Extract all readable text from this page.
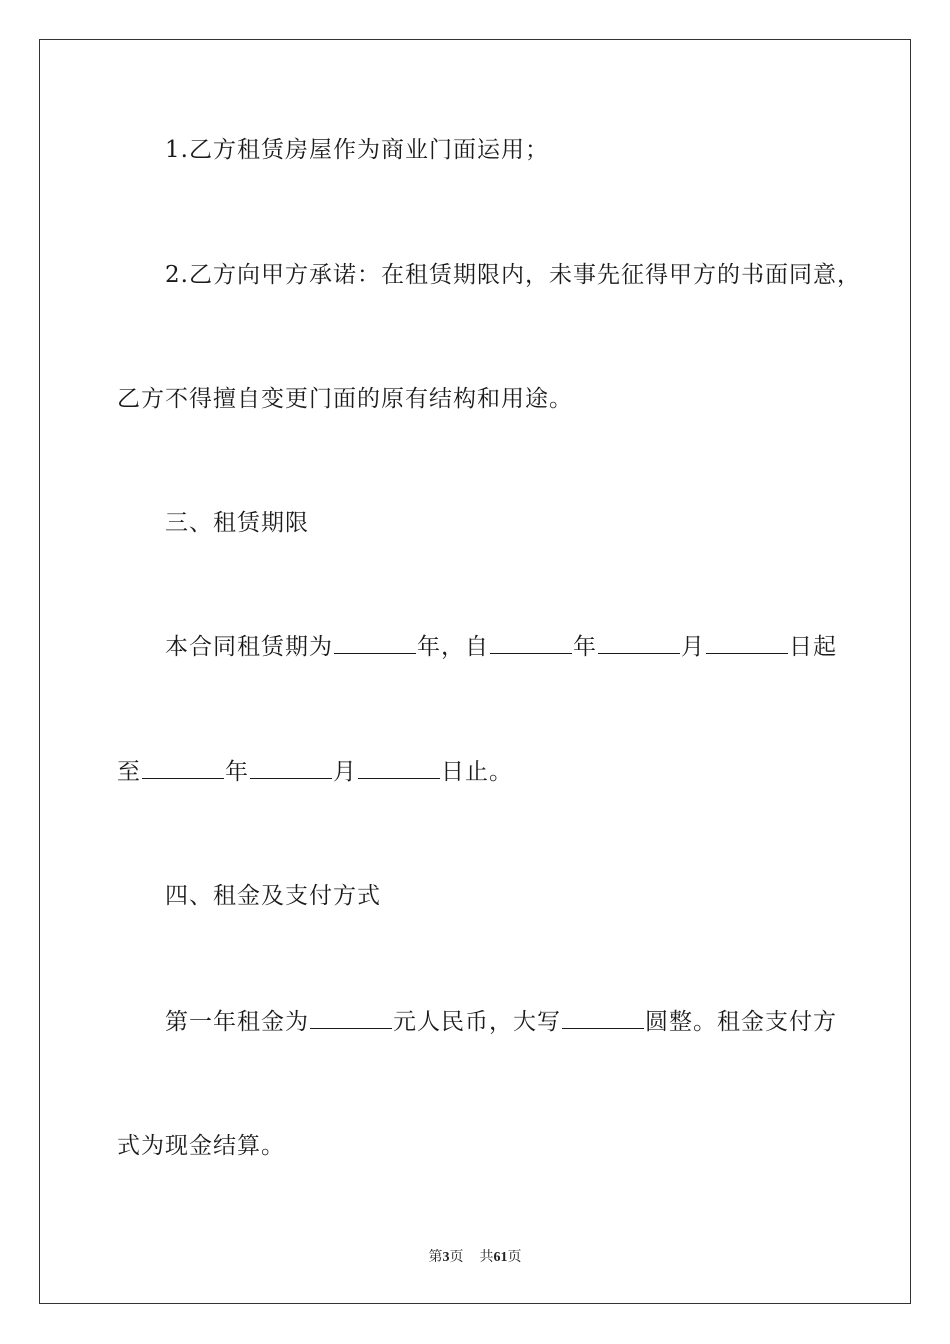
1.乙方租赁房屋作为商业门面运用；
2.乙方向甲方承诺：在租赁期限内，未事先征得甲方的书面同意，
乙方不得擅自变更门面的原有结构和用途。
三、租赁期限
本合同租赁期为	年，自	年	月	日起
至	年	月	日止。
四、租金及支付方式
第一年租金为	元人民币，大写	圆整。租金支付方
式为现金结算。
第3页 共61页
